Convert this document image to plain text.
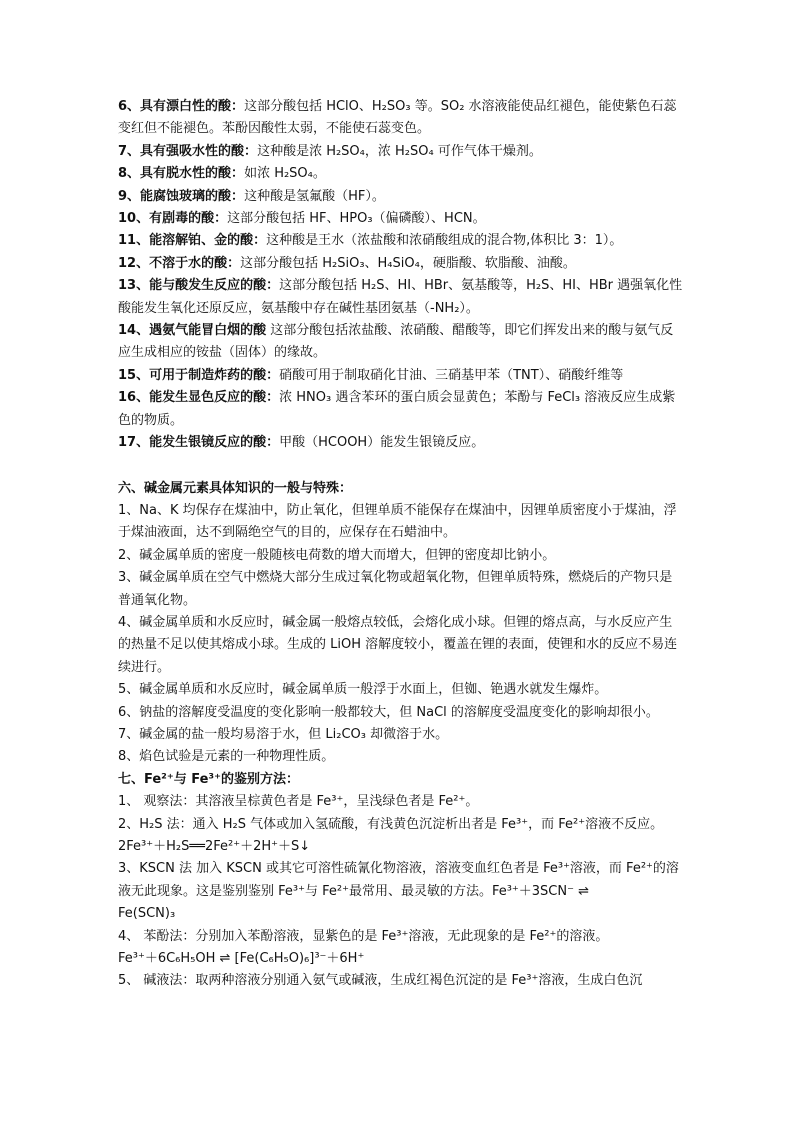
6、具有漂白性的酸：这部分酸包括 HClO、H₂SO₃ 等。SO₂ 水溶液能使品红褪色，能使紫色石蕊变红但不能褪色。苯酚因酸性太弱，不能使石蕊变色。

7、具有强吸水性的酸：这种酸是浓 H₂SO₄，浓 H₂SO₄ 可作气体干燥剂。

8、具有脱水性的酸：如浓 H₂SO₄。

9、能腐蚀玻璃的酸：这种酸是氢氟酸（HF）。

10、有剧毒的酸：这部分酸包括 HF、HPO₃（偏磷酸）、HCN。

11、能溶解铂、金的酸：这种酸是王水（浓盐酸和浓硝酸组成的混合物,体积比 3：1）。

12、不溶于水的酸：这部分酸包括 H₂SiO₃、H₄SiO₄，硬脂酸、软脂酸、油酸。

13、能与酸发生反应的酸：这部分酸包括 H₂S、HI、HBr、氨基酸等，H₂S、HI、HBr 遇强氧化性酸能发生氧化还原反应，氨基酸中存在碱性基团氨基（-NH₂）。

14、遇氨气能冒白烟的酸 这部分酸包括浓盐酸、浓硝酸、醋酸等，即它们挥发出来的酸与氨气反应生成相应的铵盐（固体）的缘故。

15、可用于制造炸药的酸：硝酸可用于制取硝化甘油、三硝基甲苯（TNT）、硝酸纤维等

16、能发生显色反应的酸：浓 HNO₃ 遇含苯环的蛋白质会显黄色；苯酚与 FeCl₃ 溶液反应生成紫色的物质。

17、能发生银镜反应的酸：甲酸（HCOOH）能发生银镜反应。

六、碱金属元素具体知识的一般与特殊：

1、Na、K 均保存在煤油中，防止氧化，但锂单质不能保存在煤油中，因锂单质密度小于煤油，浮于煤油液面，达不到隔绝空气的目的，应保存在石蜡油中。

2、碱金属单质的密度一般随核电荷数的增大而增大，但钾的密度却比钠小。

3、碱金属单质在空气中燃烧大部分生成过氧化物或超氧化物，但锂单质特殊，燃烧后的产物只是普通氧化物。

4、碱金属单质和水反应时，碱金属一般熔点较低，会熔化成小球。但锂的熔点高，与水反应产生的热量不足以使其熔成小球。生成的 LiOH 溶解度较小，覆盖在锂的表面，使锂和水的反应不易连续进行。

5、碱金属单质和水反应时，碱金属单质一般浮于水面上，但铷、铯遇水就发生爆炸。

6、钠盐的溶解度受温度的变化影响一般都较大，但 NaCl 的溶解度受温度变化的影响却很小。

7、碱金属的盐一般均易溶于水，但 Li₂CO₃ 却微溶于水。

8、焰色试验是元素的一种物理性质。

七、Fe²⁺与 Fe³⁺的鉴别方法：

1、 观察法：其溶液呈棕黄色者是 Fe³⁺，呈浅绿色者是 Fe²⁺。

2、H₂S 法：通入 H₂S 气体或加入氢硫酸，有浅黄色沉淀析出者是 Fe³⁺，而 Fe²⁺溶液不反应。

2Fe³⁺＋H₂S══2Fe²⁺＋2H⁺＋S↓

3、KSCN 法 加入 KSCN 或其它可溶性硫氰化物溶液，溶液变血红色者是 Fe³⁺溶液，而 Fe²⁺的溶液无此现象。这是鉴别鉴别 Fe³⁺与 Fe²⁺最常用、最灵敏的方法。Fe³⁺＋3SCN⁻ ⇌

Fe(SCN)₃

4、 苯酚法：分别加入苯酚溶液，显紫色的是 Fe³⁺溶液，无此现象的是 Fe²⁺的溶液。

Fe³⁺＋6C₆H₅OH ⇌ [Fe(C₆H₅O)₆]³⁻＋6H⁺

5、 碱液法：取两种溶液分别通入氨气或碱液，生成红褐色沉淀的是 Fe³⁺溶液，生成白色沉
